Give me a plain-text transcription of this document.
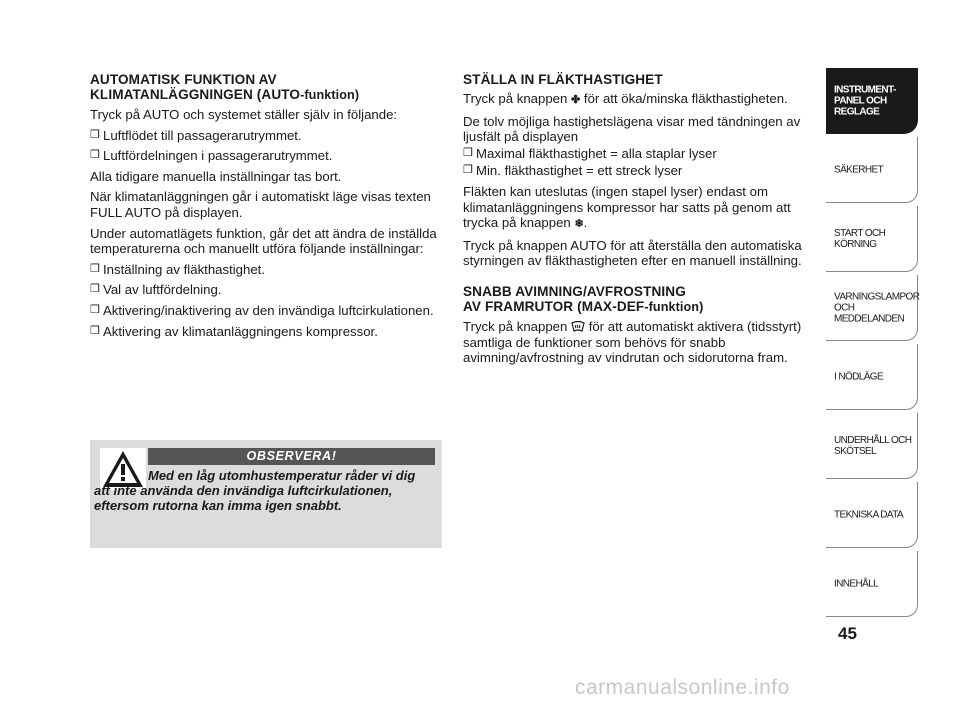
AUTOMATISK FUNKTION AV
KLIMATANLÄGGNINGEN (AUTO-funktion)

Tryck på AUTO och systemet ställer själv in följande:

❒ Luftflödet till passagerarutrymmet.
❒ Luftfördelningen i passagerarutrymmet.

Alla tidigare manuella inställningar tas bort.

När klimatanläggningen går i automatiskt läge visas texten FULL AUTO på displayen.

Under automatlägets funktion, går det att ändra de inställda temperaturerna och manuellt utföra följande inställningar:

❒ Inställning av fläkthastighet.
❒ Val av luftfördelning.
❒ Aktivering/inaktivering av den invändiga luftcirkulationen.
❒ Aktivering av klimatanläggningens kompressor.
OBSERVERA!
Med en låg utomhustemperatur råder vi dig att inte använda den invändiga luftcirkulationen, eftersom rutorna kan imma igen snabbt.
STÄLLA IN FLÄKTHASTIGHET

Tryck på knappen ✤ för att öka/minska fläkthastigheten.

De tolv möjliga hastighetslägena visar med tändningen av ljusfält på displayen

❒ Maximal fläkthastighet = alla staplar lyser
❒ Min. fläkthastighet = ett streck lyser

Fläkten kan uteslutas (ingen stapel lyser) endast om klimatanläggningens kompressor har satts på genom att trycka på knappen ❄.

Tryck på knappen AUTO för att återställa den automatiska styrningen av fläkthastigheten efter en manuell inställning.

SNABB AVIMNING/AVFROSTNING
AV FRAMRUTOR (MAX-DEF-funktion)

Tryck på knappen för att automatiskt aktivera (tidsstyrt) samtliga de funktioner som behövs för snabb avimning/avfrostning av vindrutan och sidorutorna fram.

INSTRUMENT-PANEL OCH REGLAGE
SÄKERHET
START OCH KÖRNING
VARNINGSLAMPOR OCH MEDDELANDEN
I NÖDLÄGE
UNDERHÅLL OCH SKÖTSEL
TEKNISKA DATA
INNEHÅLL
45
carmanualsonline.info
